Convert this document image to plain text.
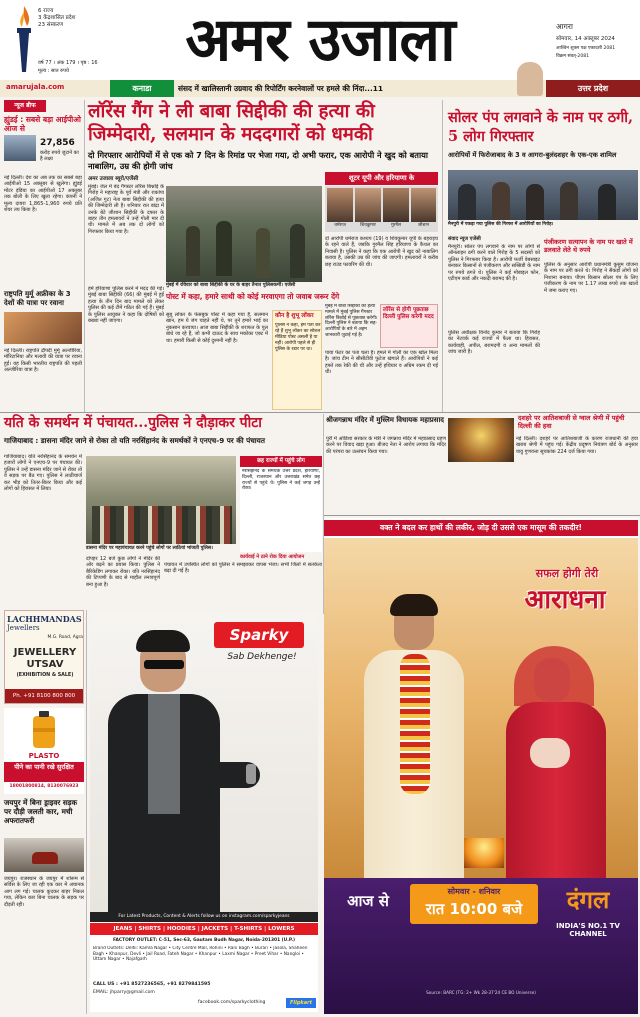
6 राज्य
3 केंद्रशासित प्रदेश
23 संस्करण
वर्ष 77 । अंक 179 । पृष्ठ : 16
मूल्य : सात रुपये	अमर उजाला	आगरा
सोमवार, 14 अक्तूबर 2024
आश्विन शुक्ल पक्ष एकादशी 2081
विक्रम संवत्-2081
amarujala.com	कनाडा	संसद में खालिस्तानी उग्रवाद की रिपोर्टिंग करनेवालों पर हमले की निंदा...11	उत्तर प्रदेश
न्यूज ब्रीफ
ह्युंडई : सबसे बड़ा आईपीओ आज से
27,856
करोड़ रुपये जुटाने का है लक्ष्य
नई दिल्ली। देश का अब तक का सबसे बड़ा आईपीओ 15 अक्तूबर से खुलेगा। ह्युंडई मोटर इंडिया का आईपीओ 17 अक्तूबर तक बोली के लिए खुला रहेगा। कंपनी ने मूल्य दायरा 1,865-1,960 रुपये प्रति शेयर तय किया है।
राष्ट्रपति मुर्मू अफ्रीका के 3 देशों की यात्रा पर रवाना
नई दिल्ली। राष्ट्रपति द्रौपदी मुर्मू अल्जीरिया, मॉरिटानिया और मलावी की यात्रा पर रवाना हुईं। यह किसी भारतीय राष्ट्रपति की पहली अल्जीरिया यात्रा है।
लॉरेंस गैंग ने ली बाबा सिद्दीकी की हत्या की जिम्मेदारी, सलमान के मददगारों को धमकी
दो गिरफ्तार आरोपियों में से एक को 7 दिन के रिमांड पर भेजा गया, दो अभी फरार, एक आरोपी ने खुद को बताया नाबालिग, उम्र की होगी जांच
अमर उजाला ब्यूरो/एजेंसी
मुंबई। जेल में बंद गैंगस्टर लॉरेंस बिश्नोई के गिरोह ने महाराष्ट्र के पूर्व मंत्री और राकांपा (अजित गुट) नेता बाबा सिद्दीकी की हत्या की जिम्मेदारी ली है। शनिवार रात बांद्रा में उनके बेटे जीशान सिद्दीकी के दफ्तर के बाहर तीन हमलावरों ने उन्हें गोली मार दी थी। मामले में अब तक दो लोगों को गिरफ्तार किया गया है।
मुंबई में रविवार को बाबा सिद्दीकी के घर के बाहर तैनात पुलिसकर्मी। एजेंसी
शूटर यूपी और हरियाणा के
धर्मराज	शिवकुमार	गुरमैल	जीशान
दो आरोपी धर्मराज कश्यप (19) व शिवकुमार यूपी के बहराइच के रहने वाले हैं, जबकि गुरमैल सिंह हरियाणा के कैथल का निवासी है। पुलिस ने कहा कि एक आरोपी ने खुद को नाबालिग बताया है, उसकी उम्र की जांच की जाएगी। हमलावरों ने करीब छह राउंड फायरिंग की थी।
पोस्ट में कहा, हमारे साथी को कोई मरवाएगा तो जवाब जरूर देंगे
सुबू लोंकर के फेसबुक पोस्ट में कहा गया है, सलमान खान, हम ये जंग चाहते नहीं थे, पर तूने हमारे भाई का नुकसान करवाया। आज बाबा सिद्दीकी के शराफत के पुल बांधे जा रहे हैं, जो कभी दाऊद के साथ मकोका एक्ट में था। हमारी किसी से कोई दुश्मनी नहीं है।
कौन है शुभू लोंकर
पुलिस ने कहा, हम पता कर रहे हैं शुभू लोंकर का सोशल मीडिया पोस्ट असली है या नहीं। आरोपी पहले से ही पुलिस के रडार पर था।
हमें हरियाणा पुलिस करने में मदद की गई। मुंबई बाबा सिद्दीकी (66) की मुंबई में हुई हत्या के तीन दिन बाद मामले को लेकर पुलिस की कई टीमें गठित की गई हैं। मुंबई के पुलिस आयुक्त ने कहा कि दोषियों को बख्शा नहीं जाएगा।
पाया फेंटर का पता चला है। हमले में गोली का एक खोल मिला है। जांच टीम ने सीसीटीवी फुटेज खंगाले हैं। आरोपियों ने कई हफ्ते तक रेकी की थी और उन्हें हथियार व अग्रिम रकम दी गई थी।
लॉरेंस से होगी पूछताछ दिल्ली पुलिस करेगी मदद
मुंबई में बाबा सिद्दीकी की हत्या मामले में मुंबई पुलिस गैंगस्टर लॉरेंस बिश्नोई से पूछताछ करेगी। दिल्ली पुलिस ने बताया कि सह-आरोपियों के बारे में अहम जानकारी जुटाई गई है।
सोलर पंप लगवाने के नाम पर ठगी, 5 लोग गिरफ्तार
आरोपियों में फिरोजाबाद के 3 व आगरा-बुलंदशहर के एक-एक शामिल
मैनपुरी में पकड़ा गया पुलिस की गिरफ्त में आरोपियों का गिरोह।
संवाद न्यूज एजेंसी
मैनपुरी। सोलर पंप लगवाने के नाम पर लोगों से ऑनलाइन ठगी करने वाले गिरोह के 5 सदस्यों को पुलिस ने गिरफ्तार किया है। आरोपी फर्जी वेबसाइट बनाकर किसानों से पंजीकरण और सब्सिडी के नाम पर रुपये ठगते थे। पुलिस ने कई मोबाइल फोन, एटीएम कार्ड और नकदी बरामद की है।
पुलिस अधीक्षक विनोद कुमार ने बताया कि गिरोह का नेटवर्क कई राज्यों में फैला था। हिरासत, कार्यवाही, अपील, बरामदगी व अन्य मामलों की जांच जारी है।
पंजीकरण सत्यापन के नाम पर खाते में डलवाते लेते थे रुपये
पुलिस के अनुसार आरोपी प्रधानमंत्री कुसुम योजना के नाम पर ठगी करते थे। गिरोह ने सैकड़ों लोगों को निशाना बनाया। पीएम किसान सोलर पंप के लिए पंजीकरण के नाम पर 1.17 लाख रुपये तक खातों में जमा कराए गए।
यति के समर्थन में पंचायत...पुलिस ने दौड़ाकर पीटा
गाजियाबाद : डासना मंदिर जाने से रोका तो यति नरसिंहानंद के समर्थकों ने एनएच-9 पर की पंचायत
गाजियाबाद। यति नरसिंहानंद के समर्थन में हजारों लोगों ने एनएच-9 पर पंचायत की। पुलिस ने उन्हें डासना मंदिर जाने से रोका तो वे सड़क पर बैठ गए। पुलिस ने लाठीचार्ज कर भीड़ को तितर-बितर किया और कई लोगों को हिरासत में लिया।
डासना मंदिर पर महापंचायत करने पहुंचे लोगों पर लाठियां भांजती पुलिस।
दोपहर 12 बजे कुछ लोगों ने मंदिर की ओर बढ़ने का प्रयास किया। पुलिस ने बैरिकेडिंग लगाकर रोका। यति नरसिंहानंद की टिप्पणी के बाद से माहौल तनावपूर्ण बना हुआ है।
छह राज्यों में पहुंचे लोग
नरसिंहानंद के समर्थक उत्तर प्रदेश, हरियाणा, दिल्ली, राजस्थान और उत्तराखंड समेत छह राज्यों से पहुंचे थे। पुलिस ने कई जगह उन्हें रोका।
कार्यवाई ने ठाने रोक दिया आयोजन
पंचायत में उपस्थित लोगों को पुलिस ने समझाकर वापस भेजा। सभी जिलों में सतर्कता बढ़ा दी गई है।
श्रीजगन्नाथ मंदिर में मुस्लिम विधायक महाप्रसाद
पुरी में ओडिशा सरकार के मंत्री ने जगन्नाथ मंदिर में महाप्रसाद ग्रहण करने पर विवाद खड़ा हुआ। बीजद नेता ने आरोप लगाया कि मंदिर की परंपरा का उल्लंघन किया गया।
दशहरे पर आतिशबाजी से ग्वाल श्रेणी में पहुंची दिल्ली की हवा
नई दिल्ली। दशहरे पर आतिशबाजी के कारण राजधानी की हवा खराब श्रेणी में पहुंच गई। केंद्रीय प्रदूषण नियंत्रण बोर्ड के अनुसार वायु गुणवत्ता सूचकांक 224 दर्ज किया गया।
LACHHMANDAS
Jewellers
M.G. Road, Agra
JEWELLERY UTSAV
(EXHIBITION & SALE)
Ph. +91 8100 800 800
PLASTO
पीने का पानी रखे सुरक्षित
18001800814, 8130076923
जयपुर में बिना ड्राइवर सड़क पर दौड़ी जलती कार, मची अफरातफरी
जयपुर। राजस्थान के जयपुर में शोरूम से सर्विस के लिए जा रही एक कार में अचानक आग लग गई। चालक कूदकर बाहर निकल गया, लेकिन कार बिना चालक के सड़क पर दौड़ती रही।
Sparky
Sab Dekhenge!
For Latest Products, Content & Alerts follow us on instagram.com/sparkyjeans
JEANS | SHIRTS | HOODIES | JACKETS | T-SHIRTS | LOWERS
FACTORY OUTLET: C-51, Sec-63, Gautam Budh Nagar, Noida-201301 (U.P.)
Brand Outlets: Delhi: Kamla Nagar • City Centre Mall, Rohini • Rani Bagh • Burari • Jasola, Shaheen Bagh • Khanpur, Devli • Jail Road, Fateh Nagar • Khanpur • Laxmi Nagar • Preet Vihar • Nangloi • Uttam Nagar • Najafgarh
CALL US : +91 8527236565, +91 8279841595
EMAIL: jhparry@gmail.com
facebook.com/sparkyclothing	Flipkart
वक्त ने बदल कर हाथों की लकीर, जोड़ दी उससे एक मासूम की तकदीर!
सफल होगी तेरी
आराधना
आज से
सोमवार - शनिवार
रात 10:00 बजे	दंगल
INDIA'S NO.1 TV CHANNEL
Source: BARC (TG: 2+ Wk 28-37'24 CE BO Universe)
